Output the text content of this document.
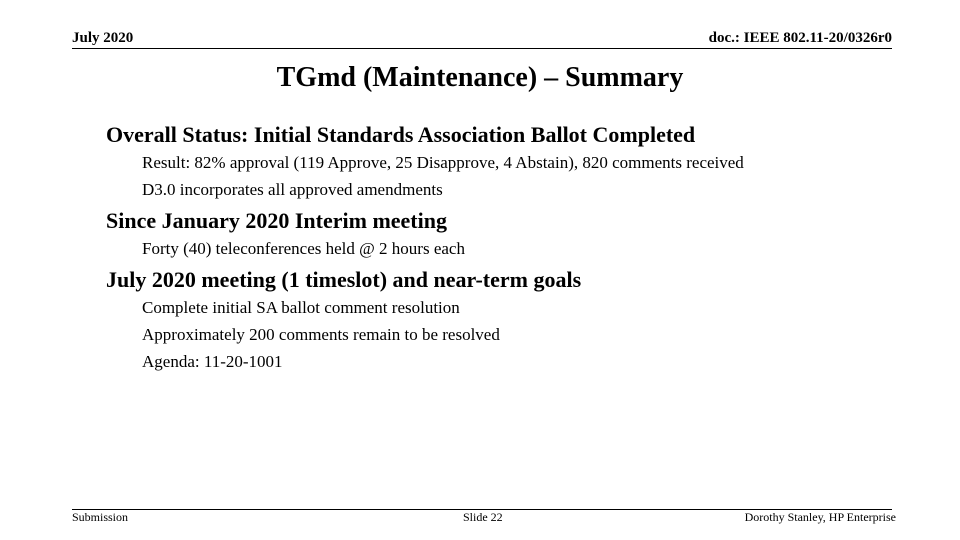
July 2020	doc.: IEEE 802.11-20/0326r0
TGmd (Maintenance) – Summary

Overall Status: Initial Standards Association Ballot Completed

Result: 82% approval (119 Approve, 25 Disapprove, 4 Abstain), 820 comments received
D3.0 incorporates all approved amendments

Since January 2020 Interim meeting

Forty (40) teleconferences held @ 2 hours each

July 2020 meeting (1 timeslot) and near-term goals

Complete initial SA ballot comment resolution
Approximately 200 comments remain to be resolved
Agenda: 11-20-1001
Submission	Slide 22	Dorothy Stanley, HP Enterprise
